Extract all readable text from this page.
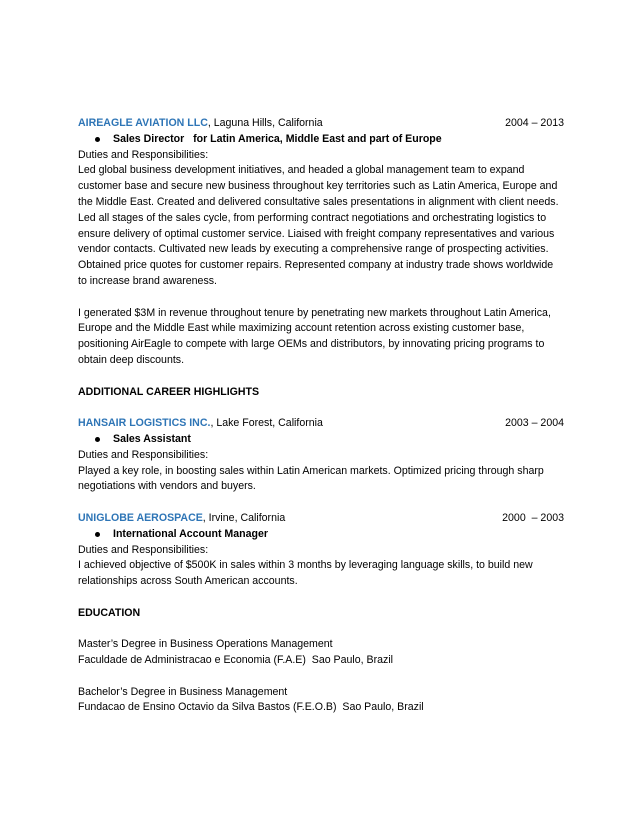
AIREAGLE AVIATION LLC, Laguna Hills, California	2004 – 2013
Sales Director   for Latin America, Middle East and part of Europe

Duties and Responsibilities:

Led global business development initiatives, and headed a global management team to expand customer base and secure new business throughout key territories such as Latin America, Europe and the Middle East. Created and delivered consultative sales presentations in alignment with client needs. Led all stages of the sales cycle, from performing contract negotiations and orchestrating logistics to ensure delivery of optimal customer service. Liaised with freight company representatives and various vendor contacts. Cultivated new leads by executing a comprehensive range of prospecting activities. Obtained price quotes for customer repairs. Represented company at industry trade shows worldwide to increase brand awareness.

I generated $3M in revenue throughout tenure by penetrating new markets throughout Latin America, Europe and the Middle East while maximizing account retention across existing customer base, positioning AirEagle to compete with large OEMs and distributors, by innovating pricing programs to obtain deep discounts.

ADDITIONAL CAREER HIGHLIGHTS

HANSAIR LOGISTICS INC., Lake Forest, California	2003 – 2004
Sales Assistant

Duties and Responsibilities:

Played a key role, in boosting sales within Latin American markets. Optimized pricing through sharp negotiations with vendors and buyers.

UNIGLOBE AEROSPACE, Irvine, California	2000  – 2003
International Account Manager

Duties and Responsibilities:

I achieved objective of $500K in sales within 3 months by leveraging language skills, to build new relationships across South American accounts.

EDUCATION

Master’s Degree in Business Operations Management

Faculdade de Administracao e Economia (F.A.E)  Sao Paulo, Brazil

Bachelor’s Degree in Business Management

Fundacao de Ensino Octavio da Silva Bastos (F.E.O.B)  Sao Paulo, Brazil
